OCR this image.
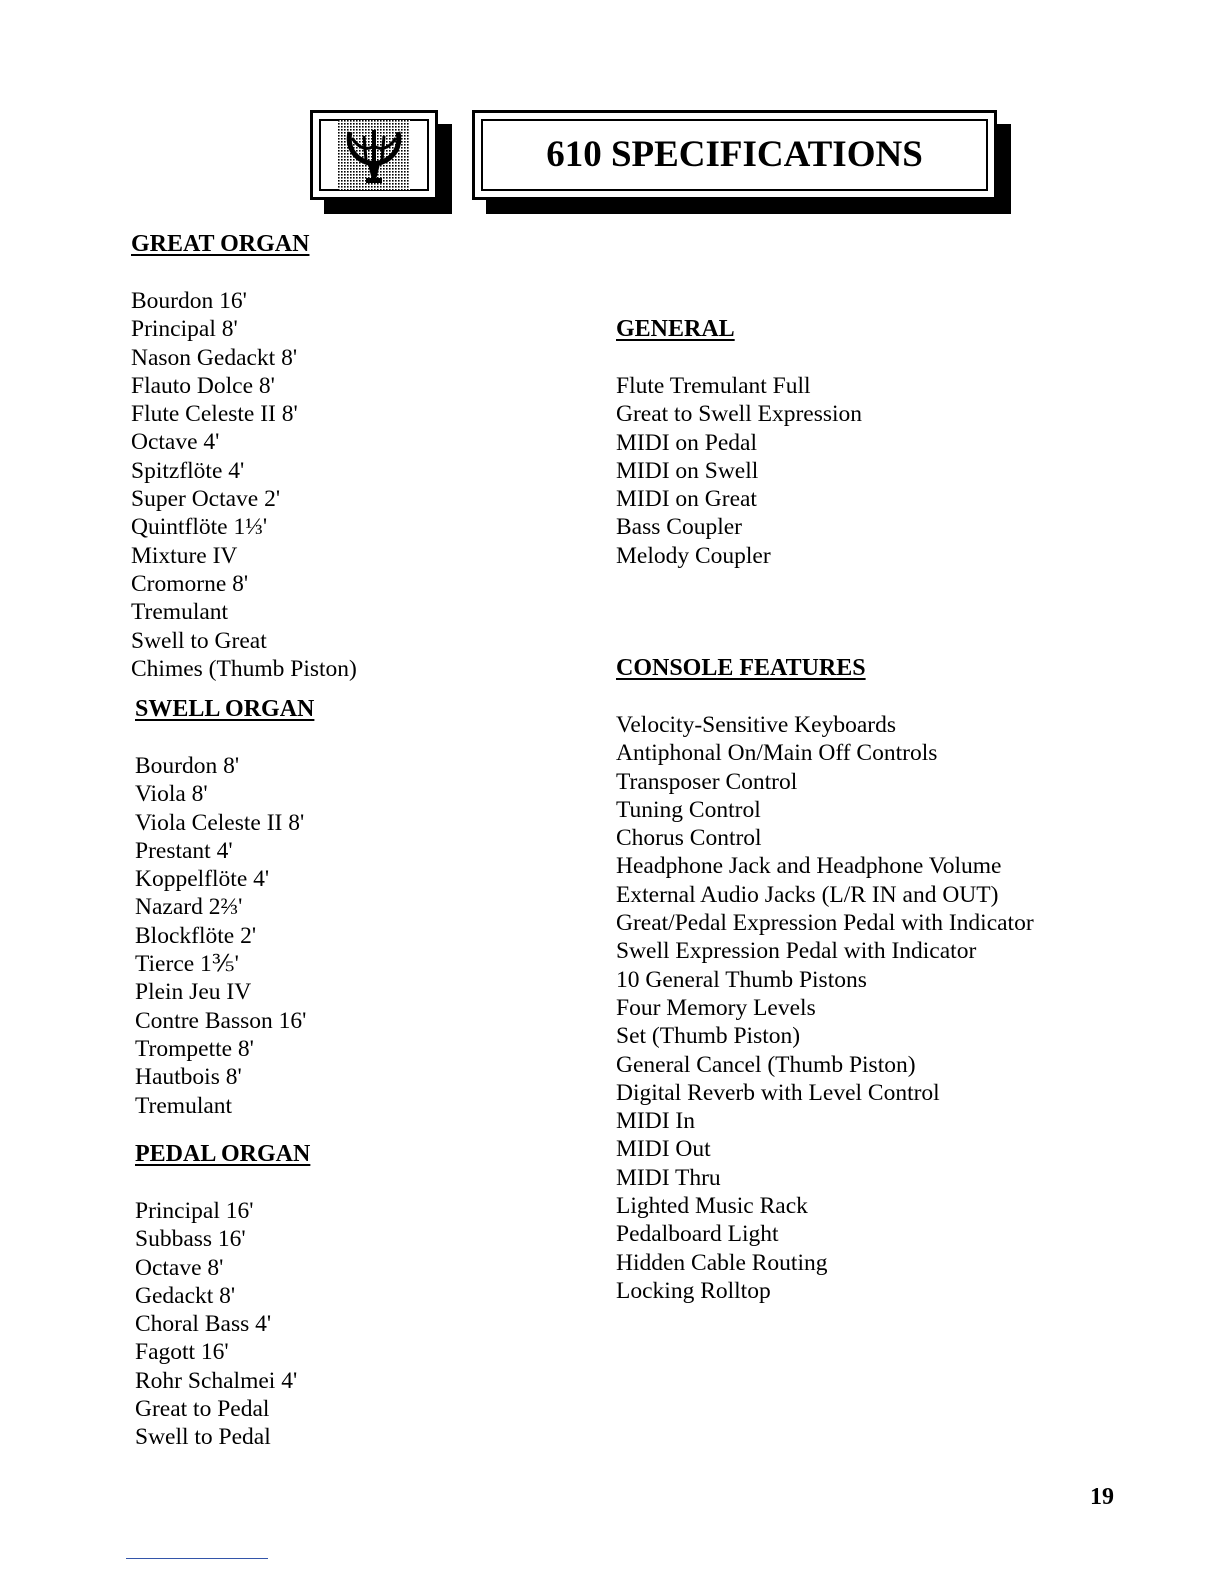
610 SPECIFICATIONS
GREAT ORGAN
Bourdon 16'
Principal 8'
Nason Gedackt 8'
Flauto Dolce 8'
Flute Celeste II 8'
Octave 4'
Spitzflöte 4'
Super Octave 2'
Quintflöte 1⅓'
Mixture IV
Cromorne 8'
Tremulant
Swell to Great
Chimes (Thumb Piston)
SWELL ORGAN
Bourdon 8'
Viola 8'
Viola Celeste II 8'
Prestant 4'
Koppelflöte 4'
Nazard 2⅔'
Blockflöte 2'
Tierce 1⅗'
Plein Jeu IV
Contre Basson 16'
Trompette 8'
Hautbois 8'
Tremulant
PEDAL ORGAN
Principal 16'
Subbass 16'
Octave 8'
Gedackt 8'
Choral Bass 4'
Fagott 16'
Rohr Schalmei 4'
Great to Pedal
Swell to Pedal
GENERAL
Flute Tremulant Full
Great to Swell Expression
MIDI on Pedal
MIDI on Swell
MIDI on Great
Bass Coupler
Melody Coupler
CONSOLE FEATURES
Velocity-Sensitive Keyboards
Antiphonal On/Main Off Controls
Transposer Control
Tuning Control
Chorus Control
Headphone Jack and Headphone Volume
External Audio Jacks (L/R IN and OUT)
Great/Pedal Expression Pedal with Indicator
Swell Expression Pedal with Indicator
10 General Thumb Pistons
Four Memory Levels
Set (Thumb Piston)
General Cancel (Thumb Piston)
Digital Reverb with Level Control
MIDI In
MIDI Out
MIDI Thru
Lighted Music Rack
Pedalboard Light
Hidden Cable Routing
Locking Rolltop
19
